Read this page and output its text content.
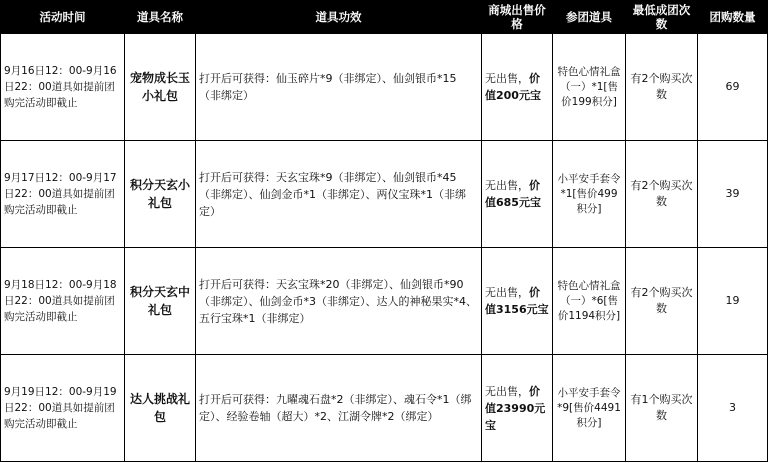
活动时间	道具名称	道具功效	商城出售价格	参团道具	最低成团次数	团购数量
9月16日12：00-9月16日22：00道具如提前团购完活动即截止	宠物成长玉小礼包	打开后可获得：仙玉碎片*9（非绑定）、仙剑银币*15（非绑定）	无出售，价值200元宝	特色心情礼盒（一）*1[售价199积分]	有2个购买次数	69
9月17日12：00-9月17日22：00道具如提前团购完活动即截止	积分天玄小礼包	打开后可获得：天玄宝珠*9（非绑定）、仙剑银币*45（非绑定）、仙剑金币*1（非绑定）、两仪宝珠*1（非绑定）	无出售，价值685元宝	小平安手套令*1[售价499积分]	有2个购买次数	39
9月18日12：00-9月18日22：00道具如提前团购完活动即截止	积分天玄中礼包	打开后可获得：天玄宝珠*20（非绑定）、仙剑银币*90（非绑定）、仙剑金币*3（非绑定）、达人的神秘果实*4、五行宝珠*1（非绑定）	无出售，价值3156元宝	特色心情礼盒（一）*6[售价1194积分]	有2个购买次数	19
9月19日12：00-9月19日22：00道具如提前团购完活动即截止	达人挑战礼包	打开后可获得：九曜魂石盘*2（非绑定）、魂石令*1（绑定）、经验卷轴（超大）*2、江湖令牌*2（绑定）	无出售，价值23990元宝	小平安手套令*9[售价4491积分]	有1个购买次数	3
